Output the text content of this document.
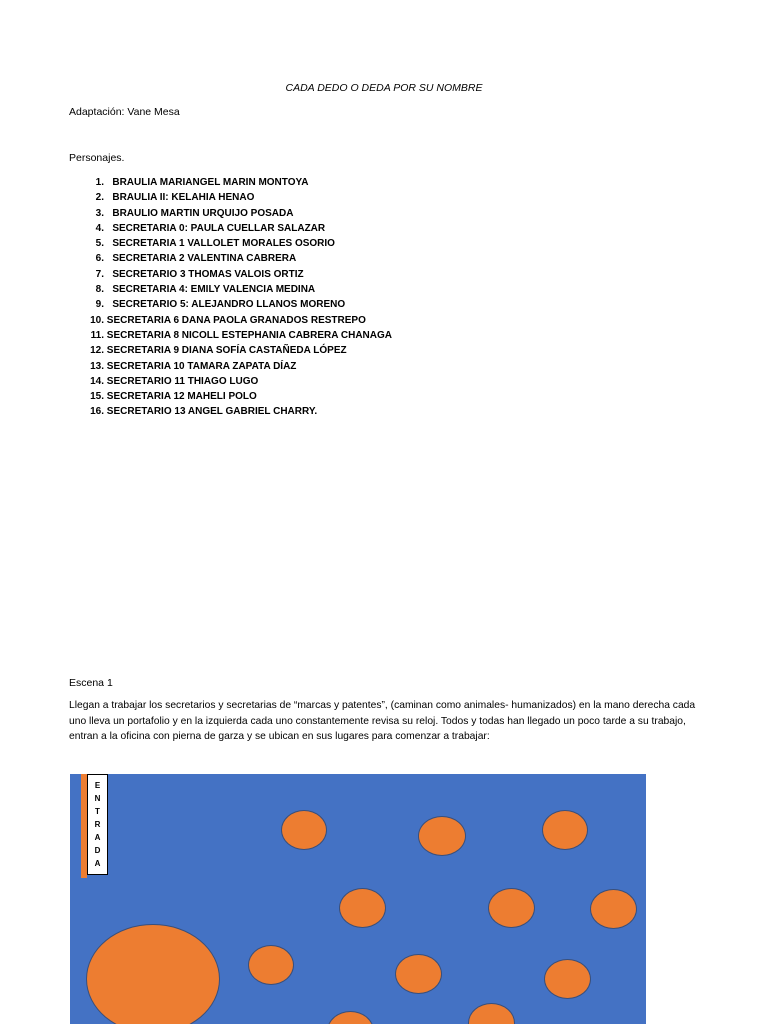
CADA DEDO O DEDA POR SU NOMBRE
Adaptación: Vane Mesa
Personajes.
1. BRAULIA MARIANGEL MARIN MONTOYA
2. BRAULIA II: KELAHIA HENAO
3. BRAULIO MARTIN URQUIJO POSADA
4. SECRETARIA 0: PAULA CUELLAR SALAZAR
5. SECRETARIA 1 VALLOLET MORALES OSORIO
6. SECRETARIA 2 VALENTINA CABRERA
7. SECRETARIO 3 THOMAS VALOIS ORTIZ
8. SECRETARIA 4: EMILY VALENCIA MEDINA
9. SECRETARIO 5: ALEJANDRO LLANOS MORENO
10. SECRETARIA 6 DANA PAOLA GRANADOS RESTREPO
11. SECRETARIA 8 NICOLL ESTEPHANIA CABRERA CHANAGA
12. SECRETARIA 9 DIANA SOFÍA CASTAÑEDA LÓPEZ
13. SECRETARIA 10 TAMARA ZAPATA DÍAZ
14. SECRETARIO 11 THIAGO LUGO
15. SECRETARIA 12 MAHELI POLO
16. SECRETARIO 13 ANGEL GABRIEL CHARRY.
Escena 1
Llegan a trabajar los secretarios y secretarias de “marcas y patentes”, (caminan como animales- humanizados) en la mano derecha cada uno lleva un portafolio y en la izquierda cada uno constantemente revisa su reloj. Todos y todas han llegado un poco tarde a su trabajo, entran a la oficina con pierna de garza y se ubican en sus lugares para comenzar a trabajar:
E
N
T
R
A
D
A
